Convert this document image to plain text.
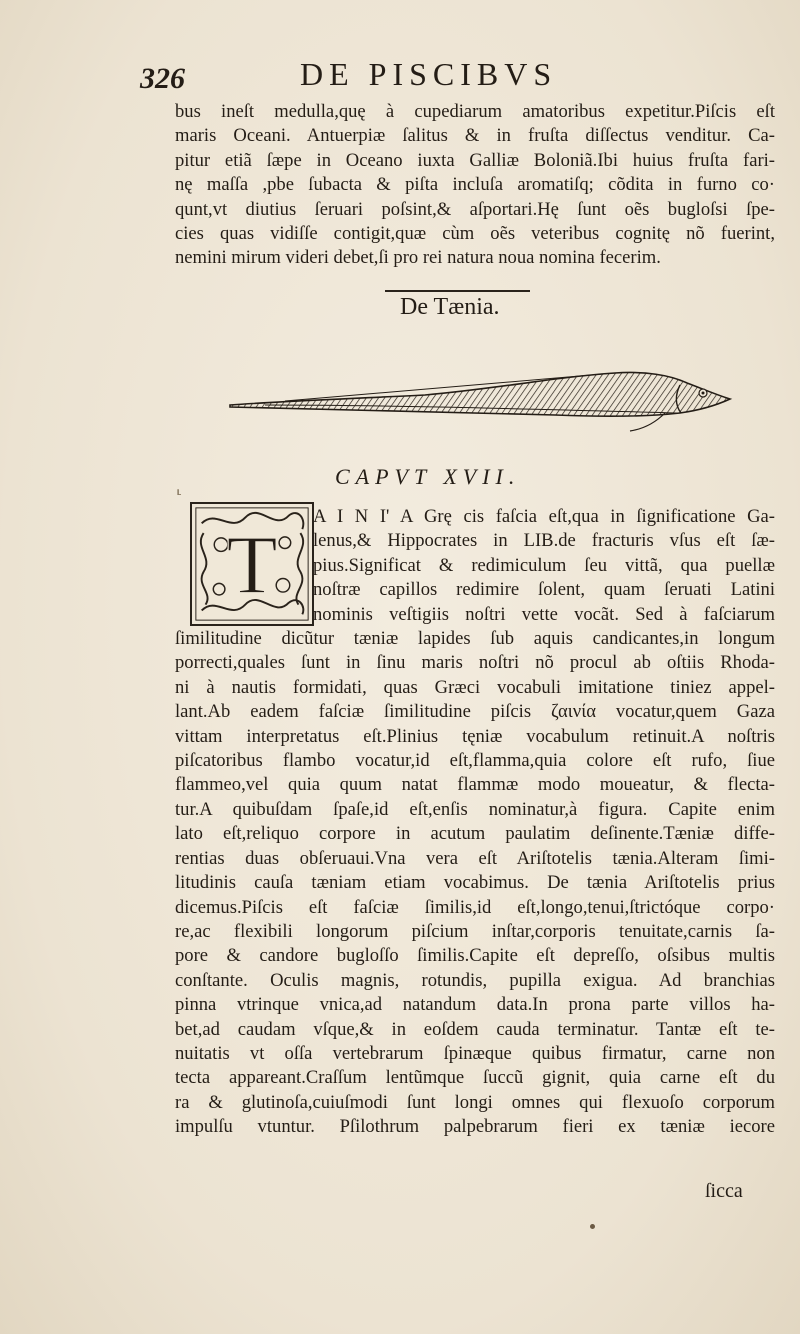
326	DE PISCIBVS
bus ineſt medulla,quę à cupediarum amatoribus expetitur.Piſcis eſt
maris Oceani. Antuerpiæ ſalitus & in fruſta diſſectus venditur. Ca-
pitur etiã ſæpe in Oceano iuxta Galliæ Boloniã.Ibi huius fruſta fari-
nę maſſa ,pbe ſubacta & piſta incluſa aromatiſq; cõdita in furno co·
qunt,vt diutius ſeruari poſsint,& aſportari.Hę ſunt oẽs bugloſsi ſpe-
cies quas vidiſſe contigit,quæ cùm oẽs veteribus cognitę nõ fuerint,
nemini mirum videri debet,ſi pro rei natura noua nomina fecerim.
De Tænia.
⸤	CAPVT XVII.
T
A I N I' A Grę cis faſcia eſt,qua in ſignificatione Ga-
lenus,& Hippocrates in LIB.de fracturis vſus eſt ſæ-
pius.Significat & redimiculum ſeu vittã, qua puellæ
noſtræ capillos redimire ſolent, quam ſeruati Latini
nominis veſtigiis noſtri vette vocãt. Sed à faſciarum
ſimilitudine dicũtur tæniæ lapides ſub aquis candicantes,in longum
porrecti,quales ſunt in ſinu maris noſtri nõ procul ab oſtiis Rhoda-
ni à nautis formidati, quas Græci vocabuli imitatione tiniez appel-
lant.Ab eadem faſciæ ſimilitudine piſcis ζαινία vocatur,quem Gaza
vittam interpretatus eſt.Plinius tęniæ vocabulum retinuit.A noſtris
piſcatoribus flambo vocatur,id eſt,flamma,quia colore eſt rufo, ſiue
flammeo,vel quia quum natat flammæ modo moueatur, & flecta-
tur.A quibuſdam ſpaſe,id eſt,enſis nominatur,à figura. Capite enim
lato eſt,reliquo corpore in acutum paulatim deſinente.Tæniæ diffe-
rentias duas obſeruaui.Vna vera eſt Ariſtotelis tænia.Alteram ſimi-
litudinis cauſa tæniam etiam vocabimus. De tænia Ariſtotelis prius
dicemus.Piſcis eſt faſciæ ſimilis,id eſt,longo,tenui,ſtrictóque corpo·
re,ac flexibili longorum piſcium inſtar,corporis tenuitate,carnis ſa-
pore & candore bugloſſo ſimilis.Capite eſt depreſſo, oſsibus multis
conſtante. Oculis magnis, rotundis, pupilla exigua. Ad branchias
pinna vtrinque vnica,ad natandum data.In prona parte villos ha-
bet,ad caudam vſque,& in eoſdem cauda terminatur. Tantæ eſt te-
nuitatis vt oſſa vertebrarum ſpinæque quibus firmatur, carne non
tecta appareant.Craſſum lentũmque ſuccũ gignit, quia carne eſt du
ra & glutinoſa,cuiuſmodi ſunt longi omnes qui flexuoſo corporum
impulſu vtuntur. Pſilothrum palpebrarum fieri ex tæniæ iecore
ſicca
